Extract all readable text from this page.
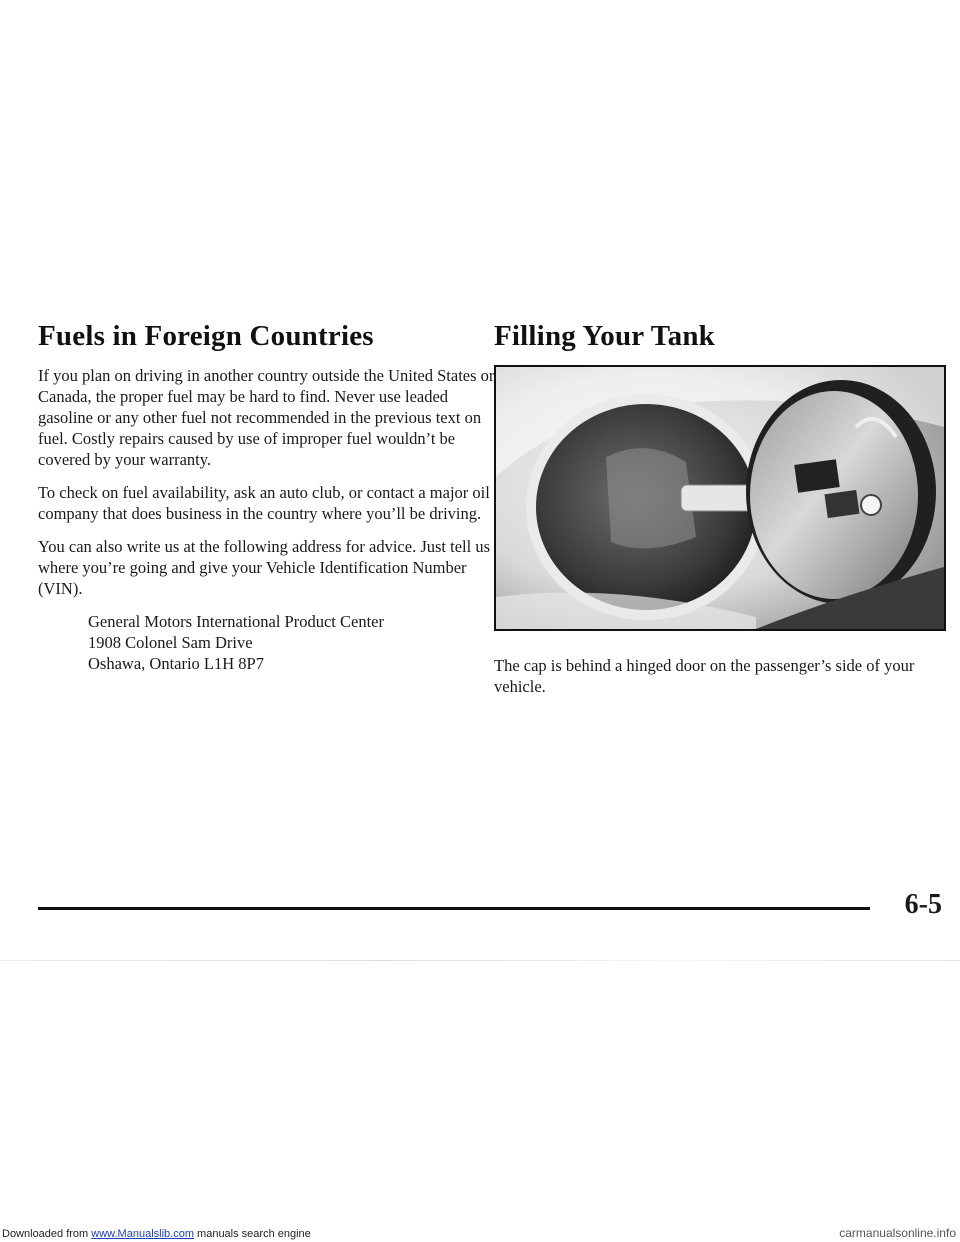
Fuels in Foreign Countries

If you plan on driving in another country outside the United States or Canada, the proper fuel may be hard to find. Never use leaded gasoline or any other fuel not recommended in the previous text on fuel. Costly repairs caused by use of improper fuel wouldn’t be covered by your warranty.

To check on fuel availability, ask an auto club, or contact a major oil company that does business in the country where you’ll be driving.

You can also write us at the following address for advice. Just tell us where you’re going and give your Vehicle Identification Number (VIN).

General Motors International Product Center
1908 Colonel Sam Drive
Oshawa, Ontario L1H 8P7
Filling Your Tank
The cap is behind a hinged door on the passenger’s side of your vehicle.
6-5
Downloaded from www.Manualslib.com manuals search engine	carmanualsonline.info
